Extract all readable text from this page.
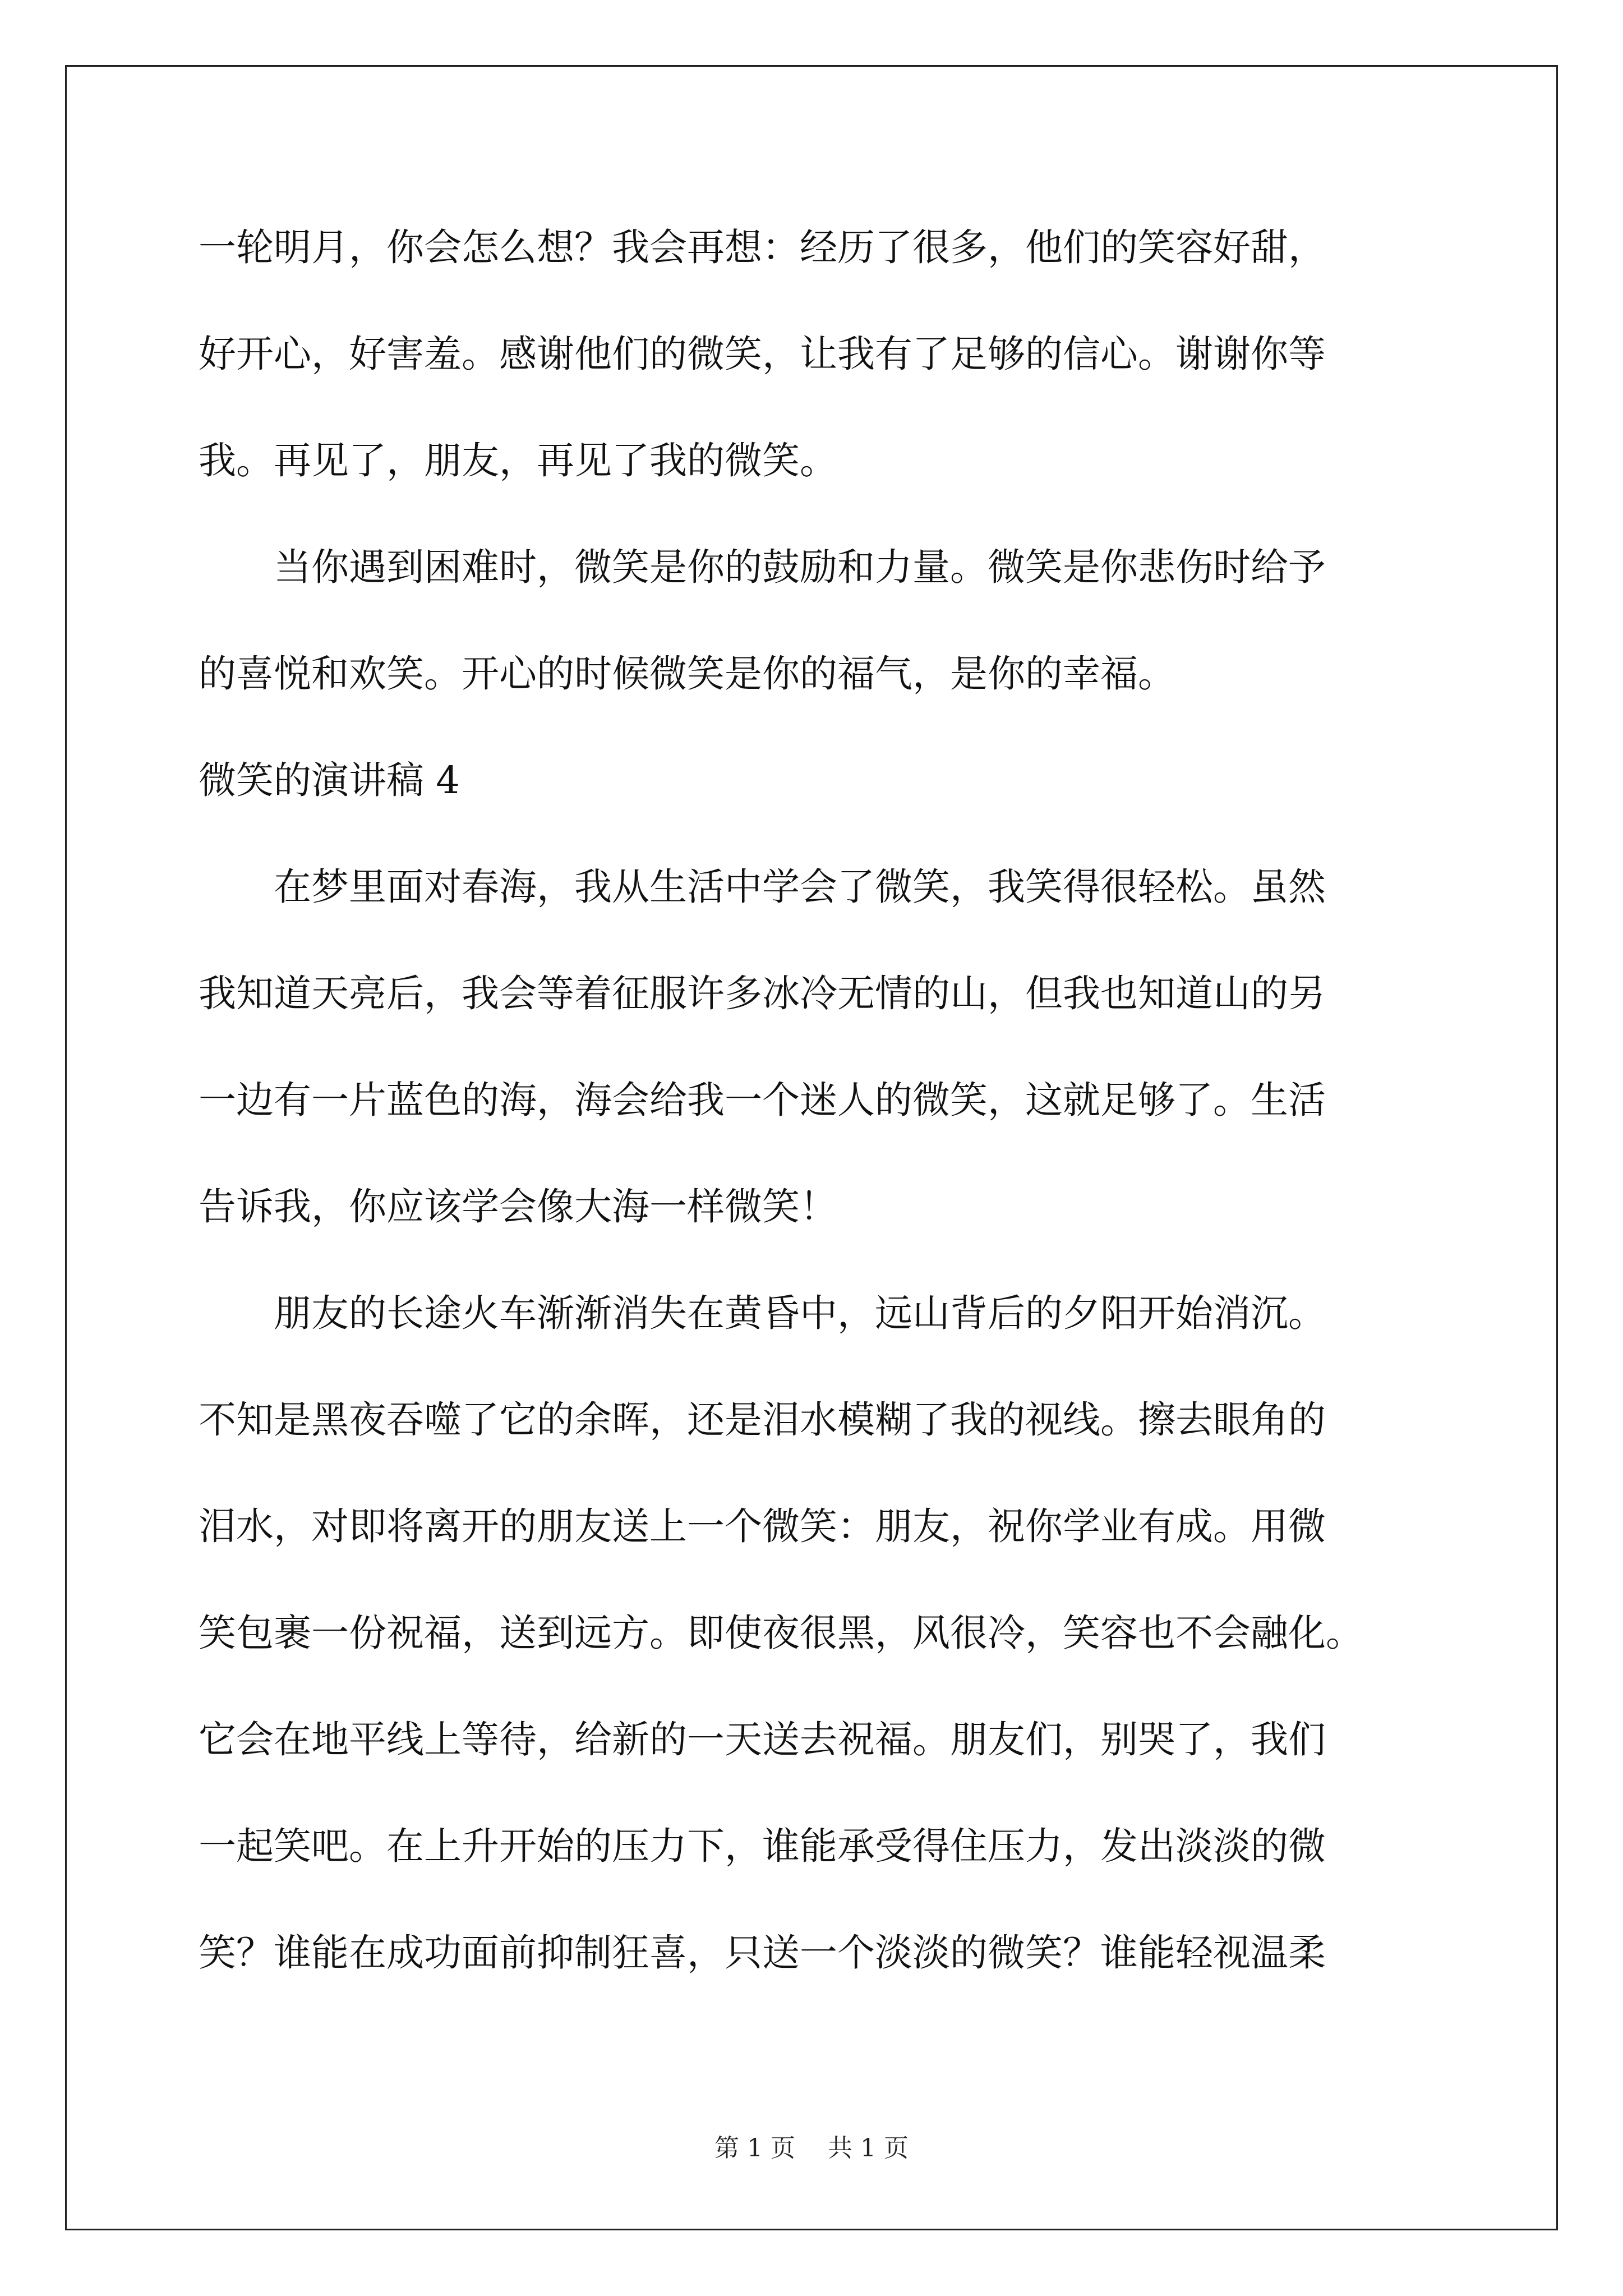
一轮明月，你会怎么想？我会再想：经历了很多，他们的笑容好甜，
好开心，好害羞。感谢他们的微笑，让我有了足够的信心。谢谢你等
我。再见了，朋友，再见了我的微笑。
　　当你遇到困难时，微笑是你的鼓励和力量。微笑是你悲伤时给予
的喜悦和欢笑。开心的时候微笑是你的福气，是你的幸福。
微笑的演讲稿 4
　　在梦里面对春海，我从生活中学会了微笑，我笑得很轻松。虽然
我知道天亮后，我会等着征服许多冰冷无情的山，但我也知道山的另
一边有一片蓝色的海，海会给我一个迷人的微笑，这就足够了。生活
告诉我，你应该学会像大海一样微笑！
　　朋友的长途火车渐渐消失在黄昏中，远山背后的夕阳开始消沉。
不知是黑夜吞噬了它的余晖，还是泪水模糊了我的视线。擦去眼角的
泪水，对即将离开的朋友送上一个微笑：朋友，祝你学业有成。用微
笑包裹一份祝福，送到远方。即使夜很黑，风很冷，笑容也不会融化。
它会在地平线上等待，给新的一天送去祝福。朋友们，别哭了，我们
一起笑吧。在上升开始的压力下，谁能承受得住压力，发出淡淡的微
笑？谁能在成功面前抑制狂喜，只送一个淡淡的微笑？谁能轻视温柔
第 1 页　 共 1 页
